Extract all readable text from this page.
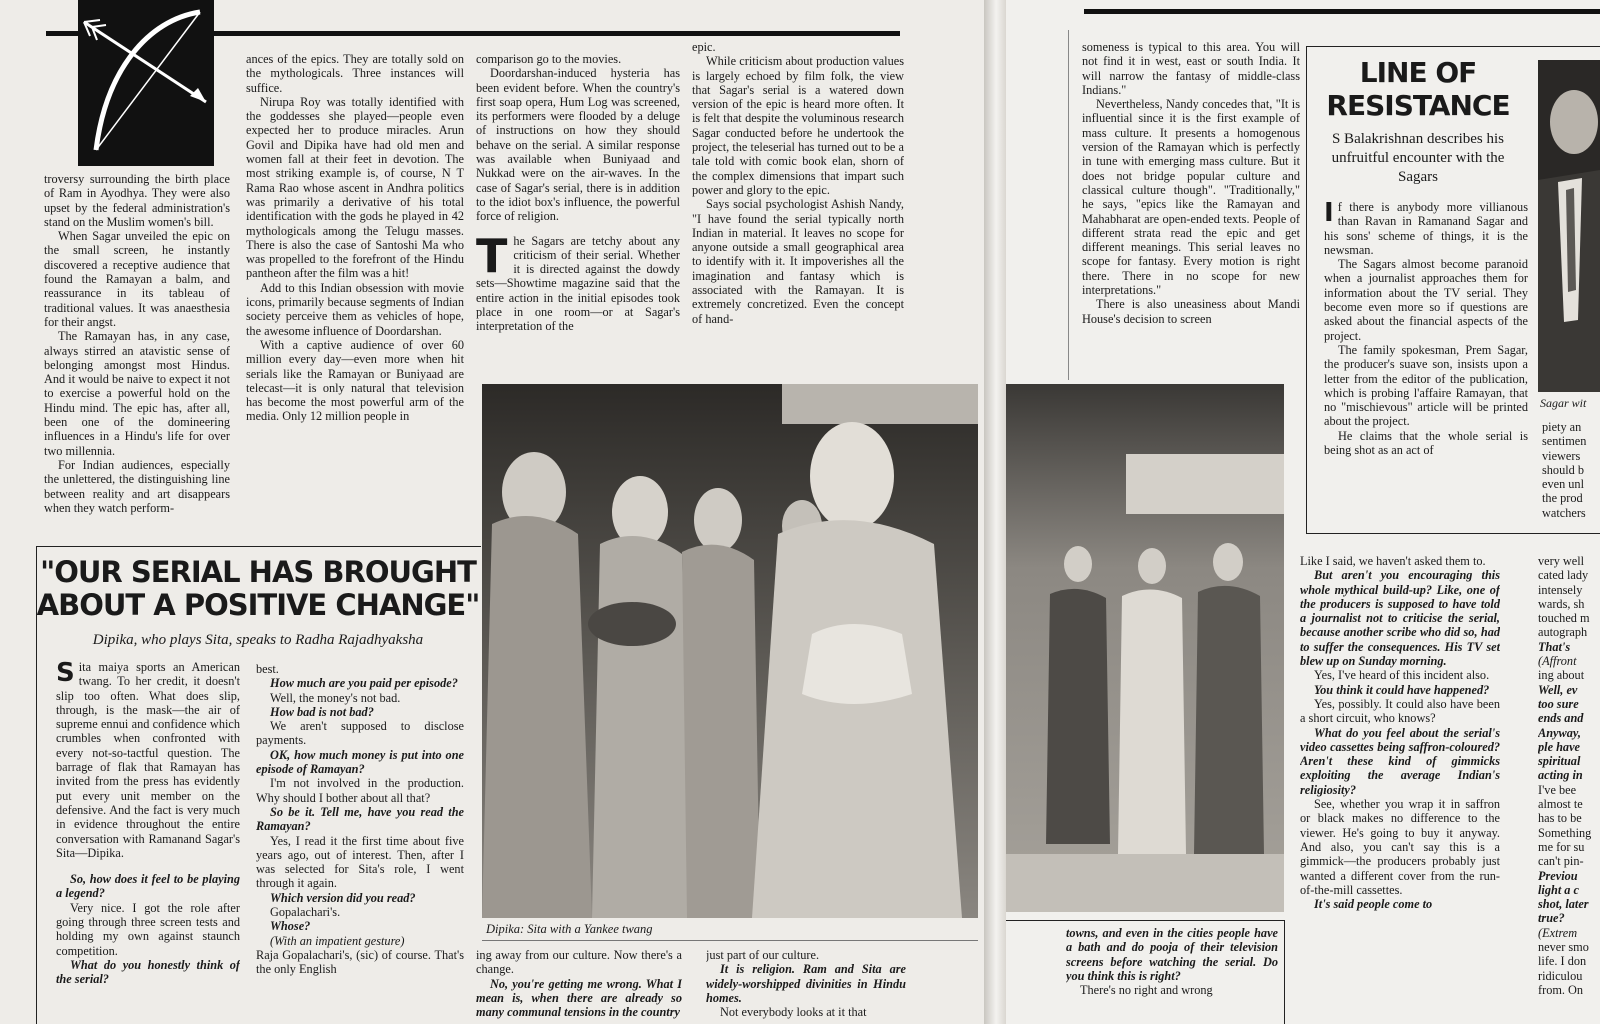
troversy surrounding the birth place of Ram in Ayodhya. They were also upset by the federal administration's stand on the Muslim women's bill.

When Sagar unveiled the epic on the small screen, he instantly discovered a receptive audience that found the Ramayan a balm, and reassurance in its tableau of traditional values. It was anaesthesia for their angst.

The Ramayan has, in any case, always stirred an atavistic sense of belonging amongst most Hindus. And it would be naive to expect it not to exercise a powerful hold on the Hindu mind. The epic has, after all, been one of the domineering influences in a Hindu's life for over two millennia.

For Indian audiences, especially the unlettered, the distinguishing line between reality and art disappears when they watch perform-

ances of the epics. They are totally sold on the mythologicals. Three instances will suffice.

Nirupa Roy was totally identified with the goddesses she played—people even expected her to produce miracles. Arun Govil and Dipika have had old men and women fall at their feet in devotion. The most striking example is, of course, N T Rama Rao whose ascent in Andhra politics was primarily a derivative of his total identification with the gods he played in 42 mythologicals among the Telugu masses. There is also the case of Santoshi Ma who was propelled to the forefront of the Hindu pantheon after the film was a hit!

Add to this Indian obsession with movie icons, primarily because segments of Indian society perceive them as vehicles of hope, the awesome influence of Doordarshan.

With a captive audience of over 60 million every day—even more when hit serials like the Ramayan or Buniyaad are telecast—it is only natural that television has become the most powerful arm of the media. Only 12 million people in

comparison go to the movies.

Doordarshan-induced hysteria has been evident before. When the country's first soap opera, Hum Log was screened, its performers were flooded by a deluge of instructions on how they should behave on the serial. A similar response was available when Buniyaad and Nukkad were on the air-waves. In the case of Sagar's serial, there is in addition to the idiot box's influence, the powerful force of religion.

The Sagars are tetchy about any criticism of their serial. Whether it is directed against the dowdy sets—Showtime magazine said that the entire action in the initial episodes took place in one room—or at Sagar's interpretation of the

epic.

While criticism about production values is largely echoed by film folk, the view that Sagar's serial is a watered down version of the epic is heard more often. It is felt that despite the voluminous research Sagar conducted before he undertook the project, the teleserial has turned out to be a tale told with comic book elan, shorn of the complex dimensions that impart such power and glory to the epic.

Says social psychologist Ashish Nandy, "I have found the serial typically north Indian in material. It leaves no scope for anyone outside a small geographical area to identify with it. It impoverishes all the imagination and fantasy which is associated with the Ramayan. It is extremely concretized. Even the concept of hand-

Dipika: Sita with a Yankee twang

"OUR SERIAL HAS BROUGHT
ABOUT A POSITIVE CHANGE"

Dipika, who plays Sita, speaks to Radha Rajadhyaksha

Sita maiya sports an American twang. To her credit, it doesn't slip too often. What does slip, through, is the mask—the air of supreme ennui and confidence which crumbles when confronted with every not-so-tactful question. The barrage of flak that Ramayan has invited from the press has evidently put every unit member on the defensive. And the fact is very much in evidence throughout the entire conversation with Ramanand Sagar's Sita—Dipika.

So, how does it feel to be playing a legend?

Very nice. I got the role after going through three screen tests and holding my own against staunch competition.

What do you honestly think of the serial?

best.

How much are you paid per episode?

Well, the money's not bad.

How bad is not bad?

We aren't supposed to disclose payments.

OK, how much money is put into one episode of Ramayan?

I'm not involved in the production. Why should I bother about all that?

So be it. Tell me, have you read the Ramayan?

Yes, I read it the first time about five years ago, out of interest. Then, after I was selected for Sita's role, I went through it again.

Which version did you read?

Gopalachari's.

Whose?

(With an impatient gesture)

Raja Gopalachari's, (sic) of course. That's the only English

ing away from our culture. Now there's a change.

No, you're getting me wrong. What I mean is, when there are already so many communal tensions in the country

just part of our culture.

It is religion. Ram and Sita are widely-worshipped divinities in Hindu homes.

Not everybody looks at it that

someness is typical to this area. You will not find it in west, east or south India. It will narrow the fantasy of middle-class Indians."

Nevertheless, Nandy concedes that, "It is influential since it is the first example of mass culture. It presents a homogenous version of the Ramayan which is perfectly in tune with emerging mass culture. But it does not bridge popular culture and classical culture though". "Traditionally," he says, "epics like the Ramayan and Mahabharat are open-ended texts. People of different strata read the epic and get different meanings. This serial leaves no scope for fantasy. Every motion is right there. There in no scope for new interpretations."

There is also uneasiness about Mandi House's decision to screen

LINE OF
RESISTANCE

S Balakrishnan describes his unfruitful encounter with the Sagars

Sagar wit

If there is anybody more villianous than Ravan in Ramanand Sagar and his sons' scheme of things, it is the newsman.

The Sagars almost become paranoid when a journalist approaches them for information about the TV serial. They become even more so if questions are asked about the financial aspects of the project.

The family spokesman, Prem Sagar, the producer's suave son, insists upon a letter from the editor of the publication, which is probing l'affaire Ramayan, that no "mischievous" article will be printed about the project.

He claims that the whole serial is being shot as an act of

piety an

sentimen

viewers

should b

even unl

the prod

watchers

towns, and even in the cities people have a bath and do pooja of their television screens before watching the serial. Do you think this is right?

There's no right and wrong

Like I said, we haven't asked them to.

But aren't you encouraging this whole mythical build-up? Like, one of the producers is supposed to have told a journalist not to criticise the serial, because another scribe who did so, had to suffer the consequences. His TV set blew up on Sunday morning.

Yes, I've heard of this incident also.

You think it could have happened?

Yes, possibly. It could also have been a short circuit, who knows?

What do you feel about the serial's video cassettes being saffron-coloured? Aren't these kind of gimmicks exploiting the average Indian's religiosity?

See, whether you wrap it in saffron or black makes no difference to the viewer. He's going to buy it anyway. And also, you can't say this is a gimmick—the producers probably just wanted a different cover from the run-of-the-mill cassettes.

It's said people come to

very well

cated lady

intensely

wards, sh

touched m

autograph

That's

(Affront

ing about

Well, ev

too sure

ends and

Anyway,

ple have

spiritual

acting in

I've bee

almost te

has to be

Something

me for su

can't pin-

Previou

light a c

shot, later

true?

(Extrem

never smo

life. I don

ridiculou

from. On
